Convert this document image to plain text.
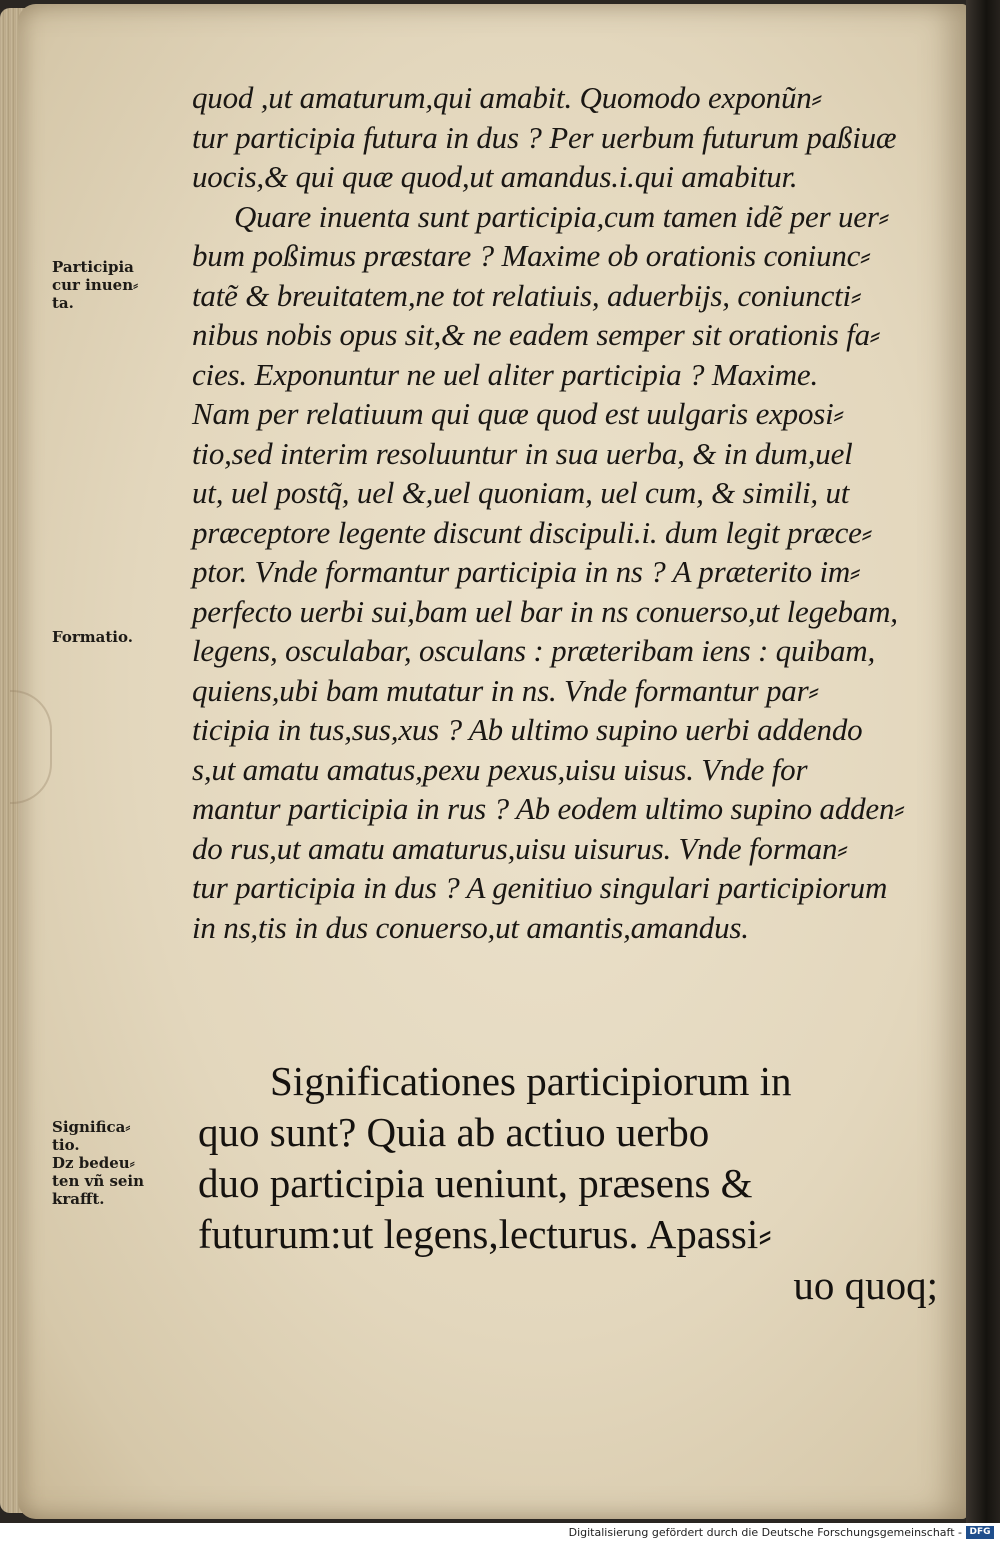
Participia
cur inuen⸗
ta.
Formatio.
Significa⸗
tio.
Dz bedeu⸗
ten vñ sein
krafft.
quod ,ut amaturum,qui amabit. Quomodo exponũn⸗
tur participia futura in dus ? Per uerbum futurum paßiuæ
uocis,& qui quæ quod,ut amandus.i.qui amabitur.
Quare inuenta sunt participia,cum tamen idẽ per uer⸗
bum poßimus præstare ? Maxime ob orationis coniunc⸗
tatẽ & breuitatem,ne tot relatiuis, aduerbijs, coniuncti⸗
nibus nobis opus sit,& ne eadem semper sit orationis fa⸗
cies. Exponuntur ne uel aliter participia ? Maxime.
Nam per relatiuum qui quæ quod est uulgaris exposi⸗
tio,sed interim resoluuntur in sua uerba, & in dum,uel
ut, uel postq̃, uel &,uel quoniam, uel cum, & simili, ut
præceptore legente discunt discipuli.i. dum legit præce⸗
ptor. Vnde formantur participia in ns ? A præterito im⸗
perfecto uerbi sui,bam uel bar in ns conuerso,ut legebam,
legens, osculabar, osculans : præteribam iens : quibam,
quiens,ubi bam mutatur in ns. Vnde formantur par⸗
ticipia in tus,sus,xus ? Ab ultimo supino uerbi addendo
s,ut amatu amatus,pexu pexus,uisu uisus. Vnde for
mantur participia in rus ? Ab eodem ultimo supino adden⸗
do rus,ut amatu amaturus,uisu uisurus. Vnde forman⸗
tur participia in dus ? A genitiuo singulari participiorum
in ns,tis in dus conuerso,ut amantis,amandus.
Significationes participiorum in
quo sunt? Quia ab actiuo uerbo
duo participia ueniunt, præsens &
futurum:ut legens,lecturus. Apassi⸗
uo quoq;
Digitalisierung gefördert durch die Deutsche Forschungsgemeinschaft - DFG
